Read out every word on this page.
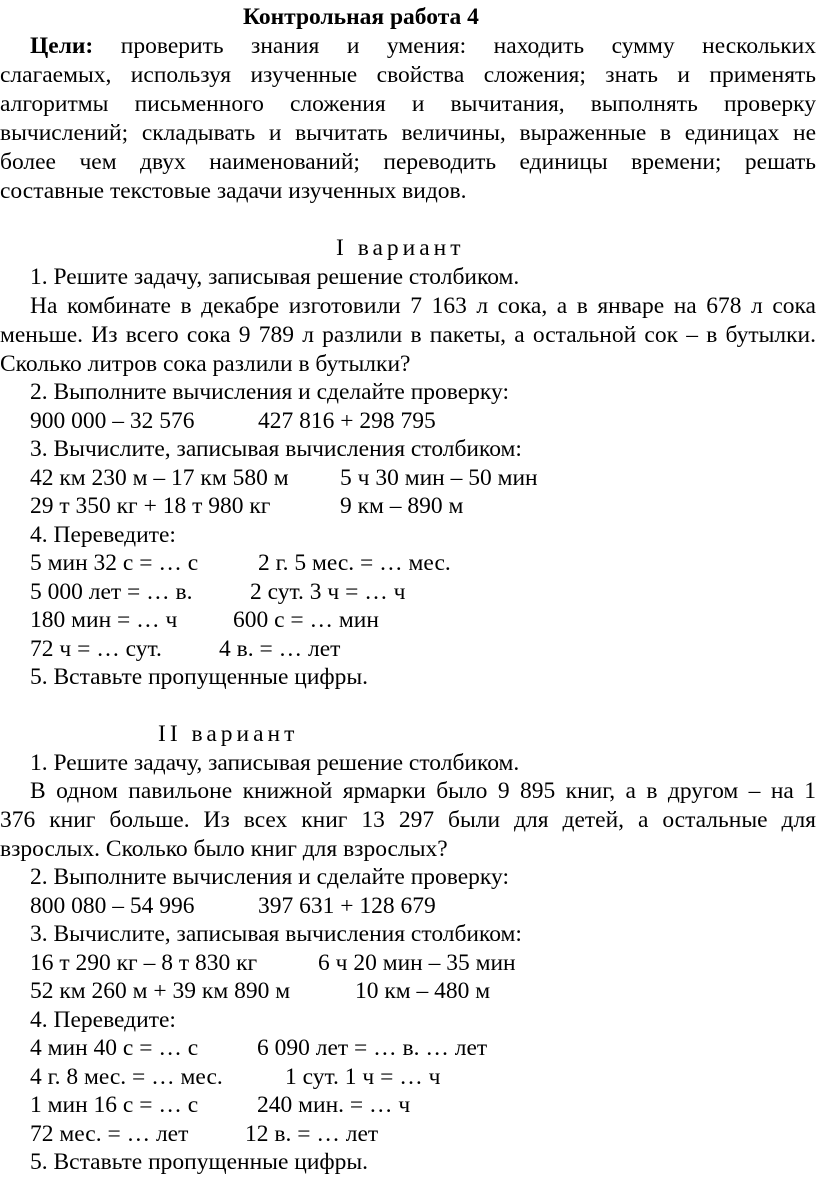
Контрольная работа 4
Цели: проверить знания и умения: находить сумму нескольких
слагаемых, используя изученные свойства сложения; знать и применять
алгоритмы письменного сложения и вычитания, выполнять проверку
вычислений; складывать и вычитать величины, выраженные в единицах не
более чем двух наименований; переводить единицы времени; решать
составные текстовые задачи изученных видов.
I вариант
1. Решите задачу, записывая решение столбиком.
На комбинате в декабре изготовили 7 163 л сока, а в январе на 678 л сока
меньше. Из всего сока 9 789 л разлили в пакеты, а остальной сок – в бутылки.
Сколько литров сока разлили в бутылки?
2. Выполните вычисления и сделайте проверку:
900 000 – 32 576	427 816 + 298 795
3. Вычислите, записывая вычисления столбиком:
42 км 230 м – 17 км 580 м 5 ч 30 мин – 50 мин
29 т 350 кг + 18 т 980 кг	9 км – 890 м
4. Переведите:
5 мин 32 с = … с	2 г. 5 мес. = … мес.
5 000 лет = … в. 2 сут. 3 ч = … ч
180 мин = … ч 600 с = … мин
72 ч = … сут. 4 в. = … лет
5. Вставьте пропущенные цифры.
II вариант
1. Решите задачу, записывая решение столбиком.
В одном павильоне книжной ярмарки было 9 895 книг, а в другом – на 1
376 книг больше. Из всех книг 13 297 были для детей, а остальные для
взрослых. Сколько было книг для взрослых?
2. Выполните вычисления и сделайте проверку:
800 080 – 54 996	397 631 + 128 679
3. Вычислите, записывая вычисления столбиком:
16 т 290 кг – 8 т 830 кг	6 ч 20 мин – 35 мин
52 км 260 м + 39 км 890 м	10 км – 480 м
4. Переведите:
4 мин 40 с = … с	6 090 лет = … в. … лет
4 г. 8 мес. = … мес.	1 сут. 1 ч = … ч
1 мин 16 с = … с	240 мин. = … ч
72 мес. = … лет 12 в. = … лет
5. Вставьте пропущенные цифры.
